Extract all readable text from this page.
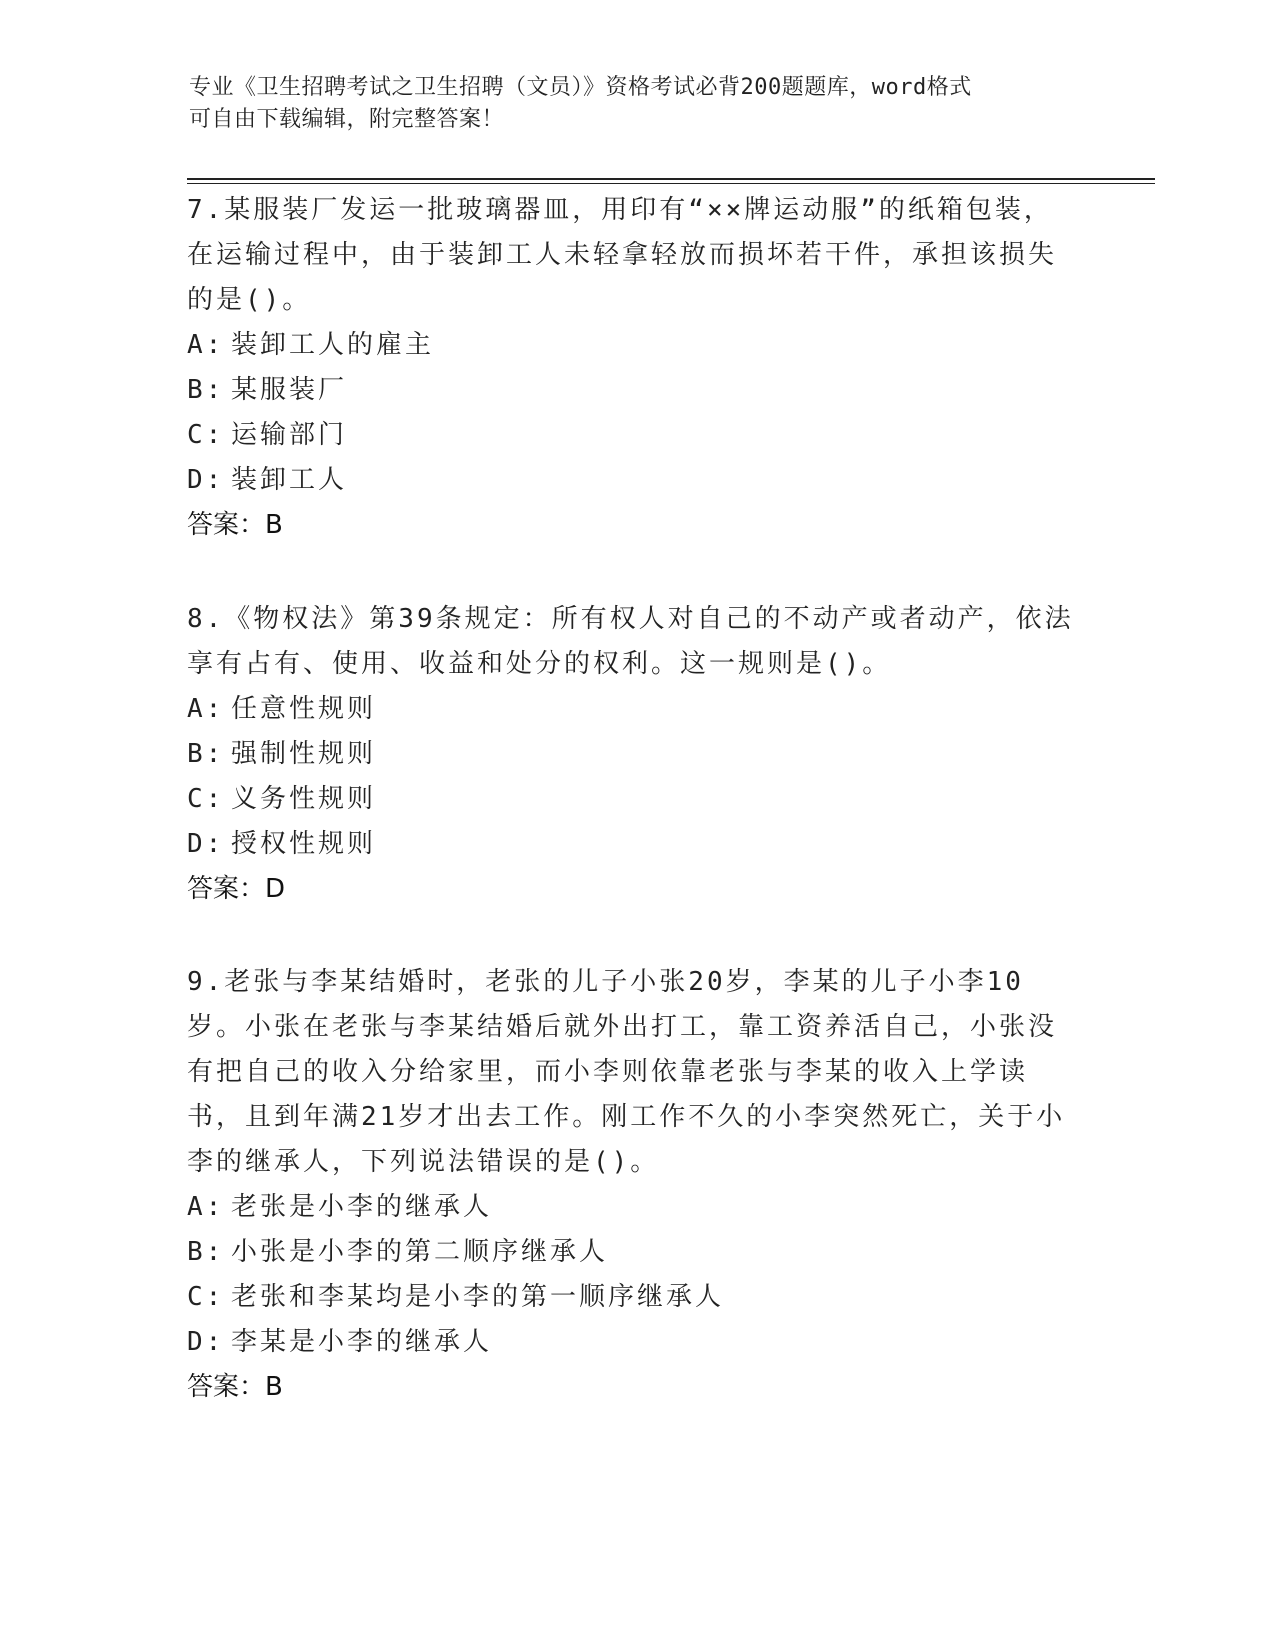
专业《卫生招聘考试之卫生招聘（文员）》资格考试必背200题题库，word格式
可自由下载编辑，附完整答案！

7.某服装厂发运一批玻璃器皿，用印有“××牌运动服”的纸箱包装，在运输过程中，由于装卸工人未轻拿轻放而损坏若干件，承担该损失的是()。

A: 装卸工人的雇主

B: 某服装厂

C: 运输部门

D: 装卸工人

答案：B

8.《物权法》第39条规定：所有权人对自己的不动产或者动产，依法享有占有、使用、收益和处分的权利。这一规则是()。

A: 任意性规则

B: 强制性规则

C: 义务性规则

D: 授权性规则

答案：D

9.老张与李某结婚时，老张的儿子小张20岁，李某的儿子小李10岁。小张在老张与李某结婚后就外出打工，靠工资养活自己，小张没有把自己的收入分给家里，而小李则依靠老张与李某的收入上学读书，且到年满21岁才出去工作。刚工作不久的小李突然死亡，关于小李的继承人，下列说法错误的是()。

A: 老张是小李的继承人

B: 小张是小李的第二顺序继承人

C: 老张和李某均是小李的第一顺序继承人

D: 李某是小李的继承人

答案：B
